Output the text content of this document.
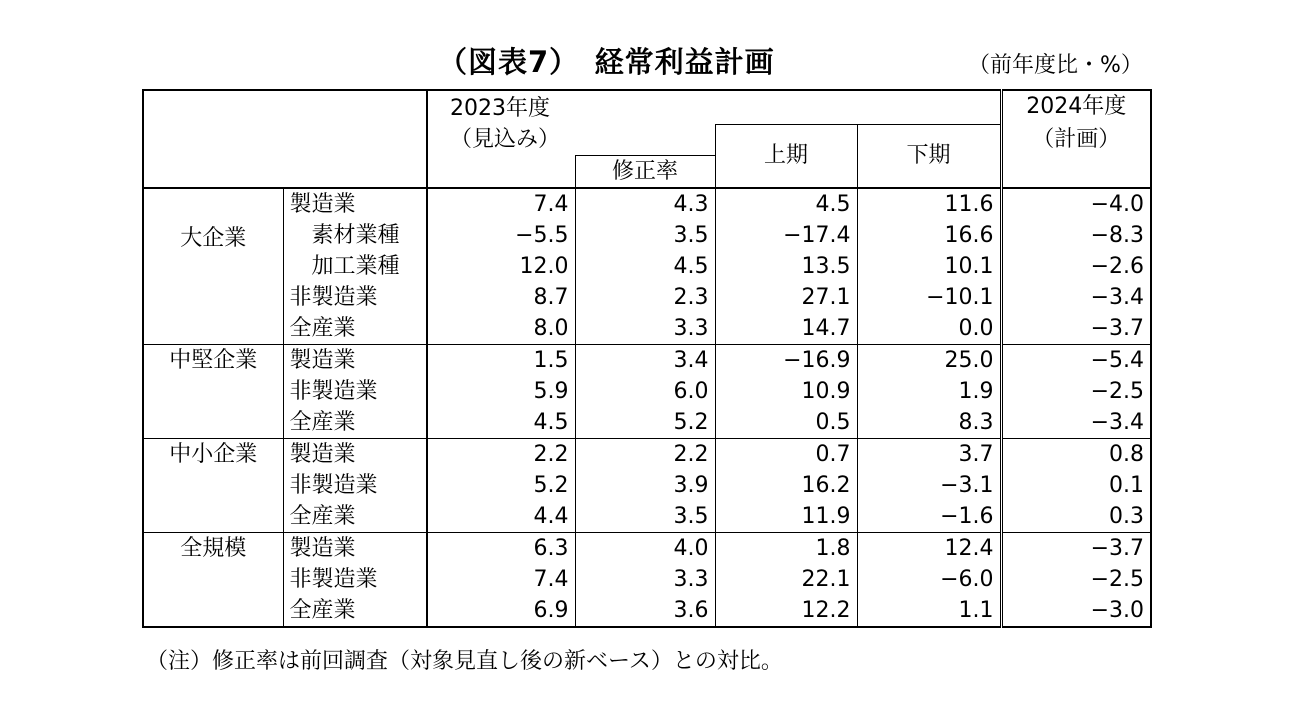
（図表7）　経常利益計画	（前年度比・%）

		2023年度				2024年度

		（見込み）		上期	下期	（計画）
			修正率			
大企業	製造業	7.4	4.3	4.5	11.6	−4.0
	素材業種	−5.5	3.5	−17.4	16.6	−8.3
	加工業種	12.0	4.5	13.5	10.1	−2.6
	非製造業	8.7	2.3	27.1	−10.1	−3.4
	全産業	8.0	3.3	14.7	0.0	−3.7
中堅企業	製造業	1.5	3.4	−16.9	25.0	−5.4
	非製造業	5.9	6.0	10.9	1.9	−2.5
	全産業	4.5	5.2	0.5	8.3	−3.4
中小企業	製造業	2.2	2.2	0.7	3.7	0.8
	非製造業	5.2	3.9	16.2	−3.1	0.1
	全産業	4.4	3.5	11.9	−1.6	0.3
全規模	製造業	6.3	4.0	1.8	12.4	−3.7
	非製造業	7.4	3.3	22.1	−6.0	−2.5
	全産業	6.9	3.6	12.2	1.1	−3.0
（注）修正率は前回調査（対象見直し後の新ベース）との対比。
